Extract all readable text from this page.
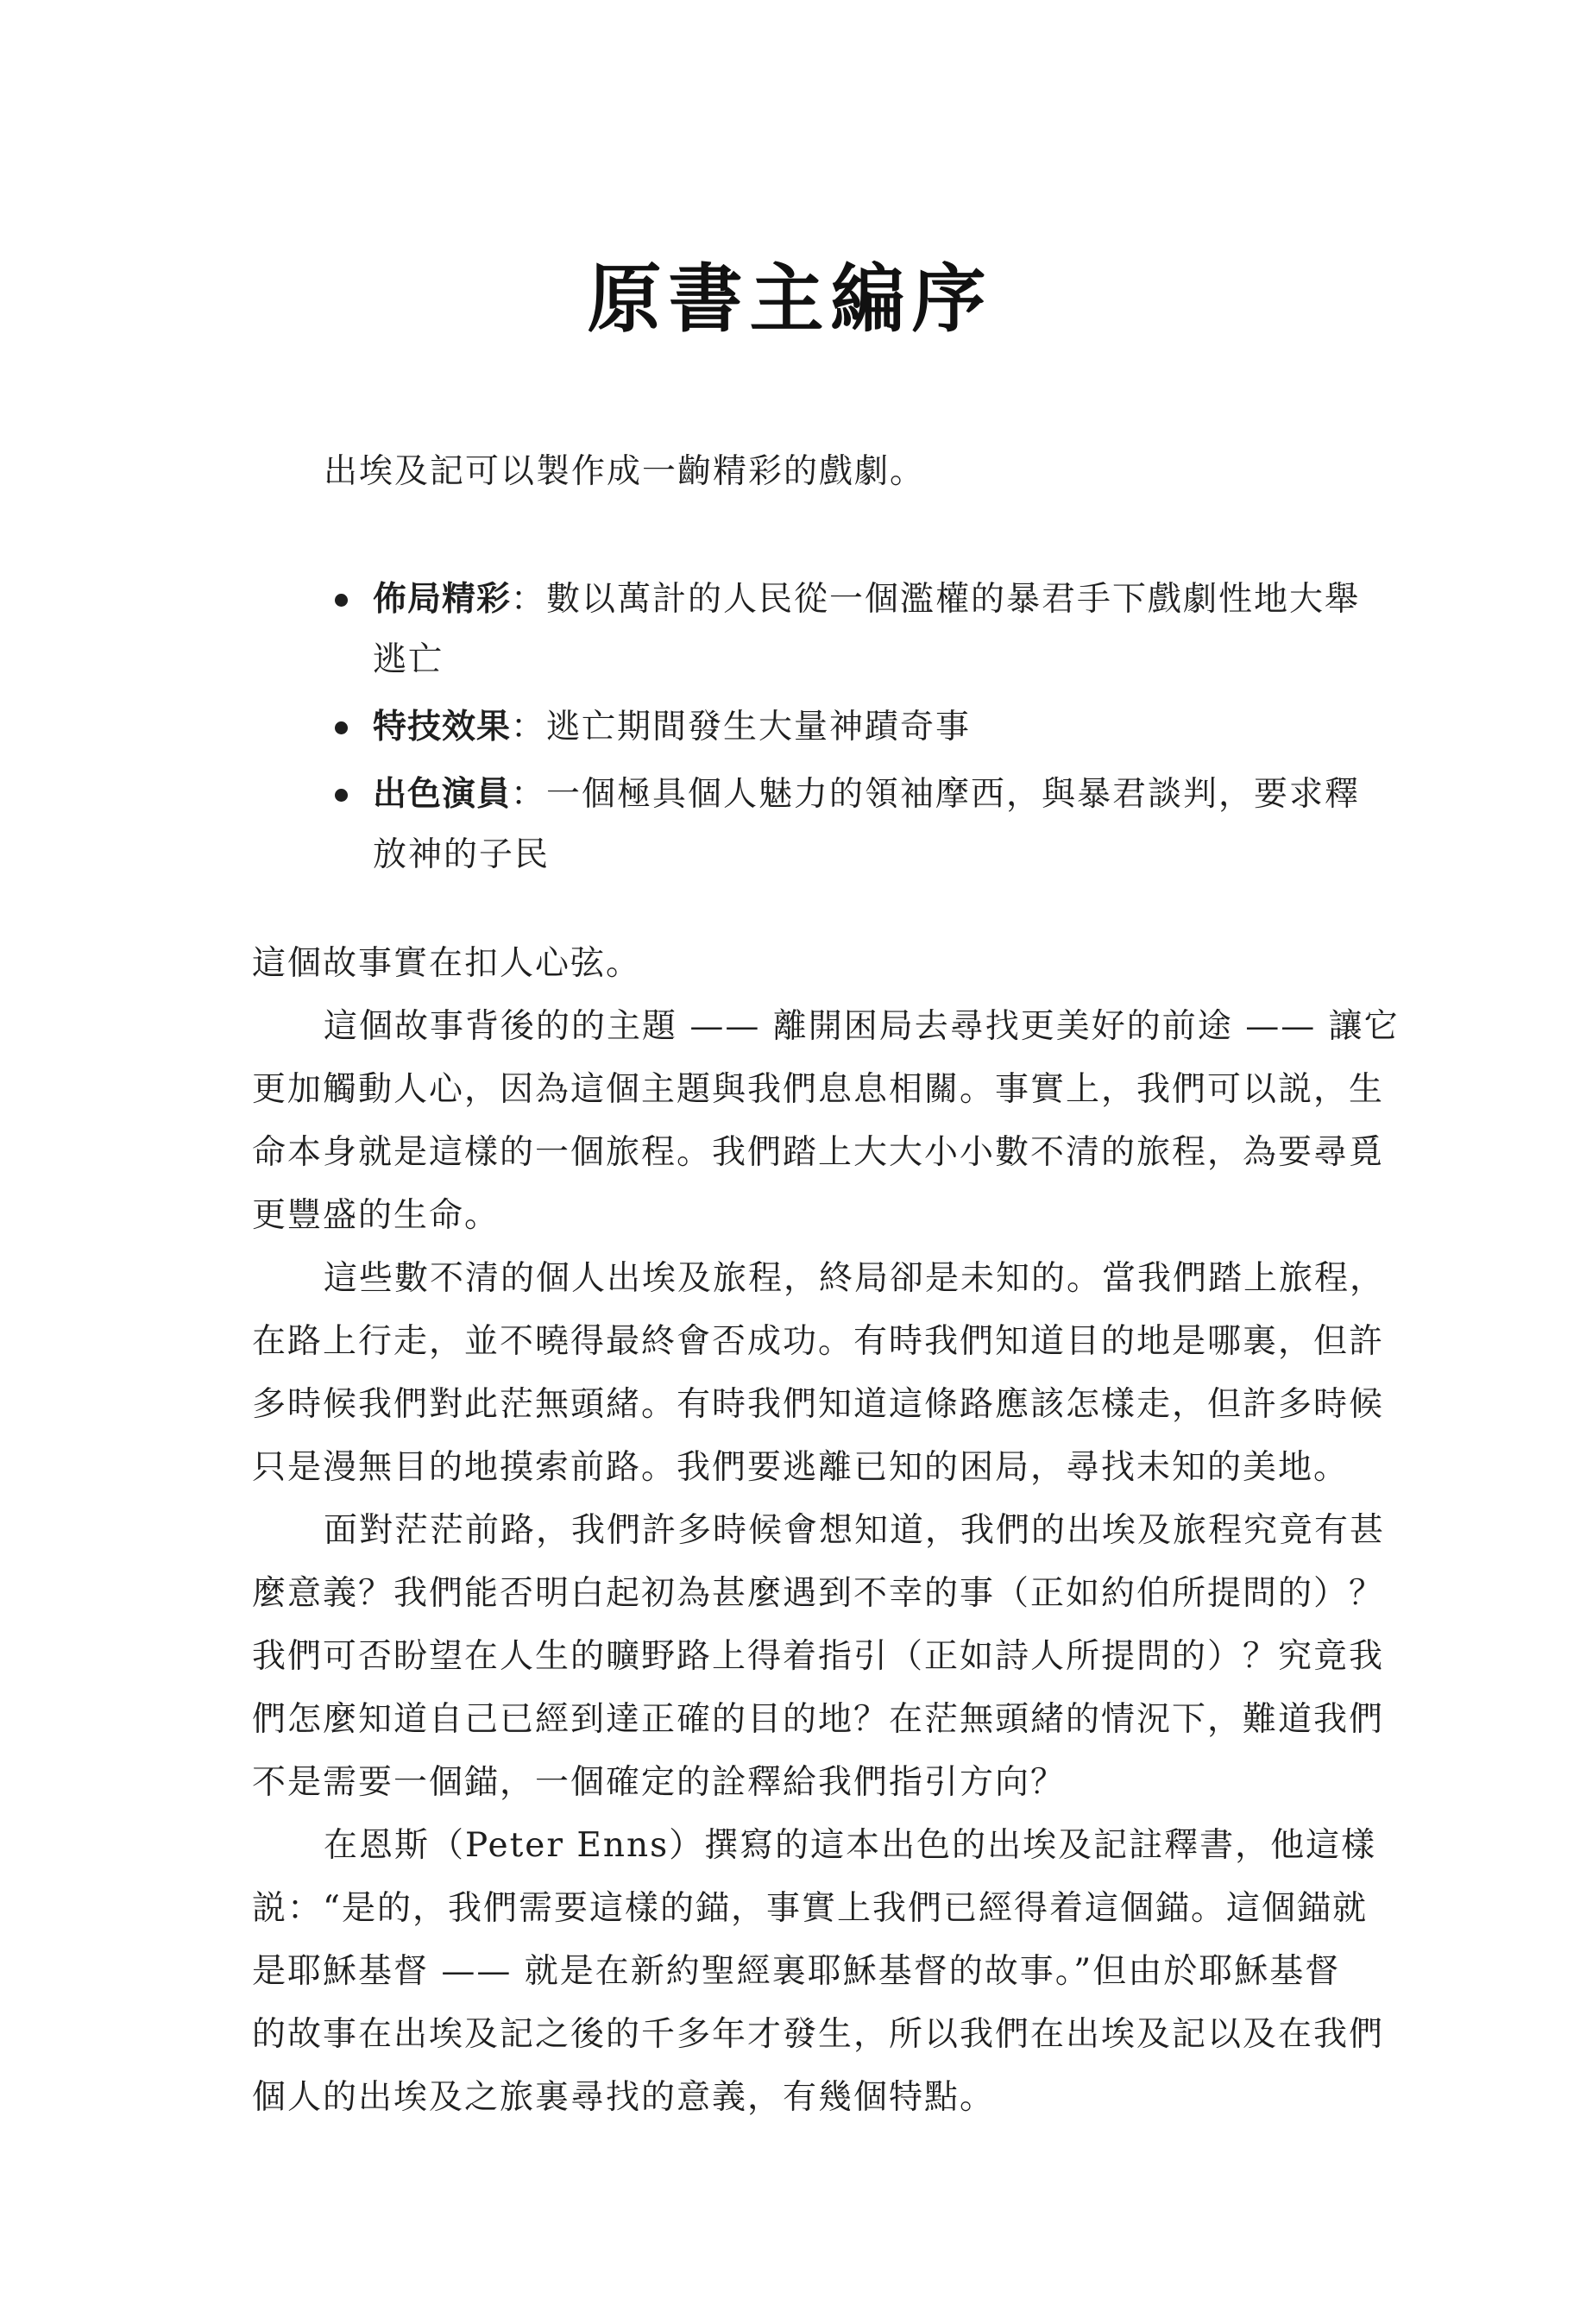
原書主編序

出埃及記可以製作成一齣精彩的戲劇。

佈局精彩：數以萬計的人民從一個濫權的暴君手下戲劇性地大舉
逃亡
特技效果：逃亡期間發生大量神蹟奇事
出色演員：一個極具個人魅力的領袖摩西，與暴君談判，要求釋
放神的子民
這個故事實在扣人心弦。
這個故事背後的的主題 —— 離開困局去尋找更美好的前途 —— 讓它
更加觸動人心，因為這個主題與我們息息相關。事實上，我們可以説，生
命本身就是這樣的一個旅程。我們踏上大大小小數不清的旅程，為要尋覓
更豐盛的生命。
這些數不清的個人出埃及旅程，終局卻是未知的。當我們踏上旅程，
在路上行走，並不曉得最終會否成功。有時我們知道目的地是哪裏，但許
多時候我們對此茫無頭緒。有時我們知道這條路應該怎樣走，但許多時候
只是漫無目的地摸索前路。我們要逃離已知的困局，尋找未知的美地。
面對茫茫前路，我們許多時候會想知道，我們的出埃及旅程究竟有甚
麼意義？我們能否明白起初為甚麼遇到不幸的事（正如約伯所提問的）？
我們可否盼望在人生的曠野路上得着指引（正如詩人所提問的）？究竟我
們怎麼知道自己已經到達正確的目的地？在茫無頭緒的情況下，難道我們
不是需要一個錨，一個確定的詮釋給我們指引方向？
在恩斯（Peter Enns）撰寫的這本出色的出埃及記註釋書，他這樣
説：“是的，我們需要這樣的錨，事實上我們已經得着這個錨。這個錨就
是耶穌基督 —— 就是在新約聖經裏耶穌基督的故事。”但由於耶穌基督
的故事在出埃及記之後的千多年才發生，所以我們在出埃及記以及在我們
個人的出埃及之旅裏尋找的意義，有幾個特點。
